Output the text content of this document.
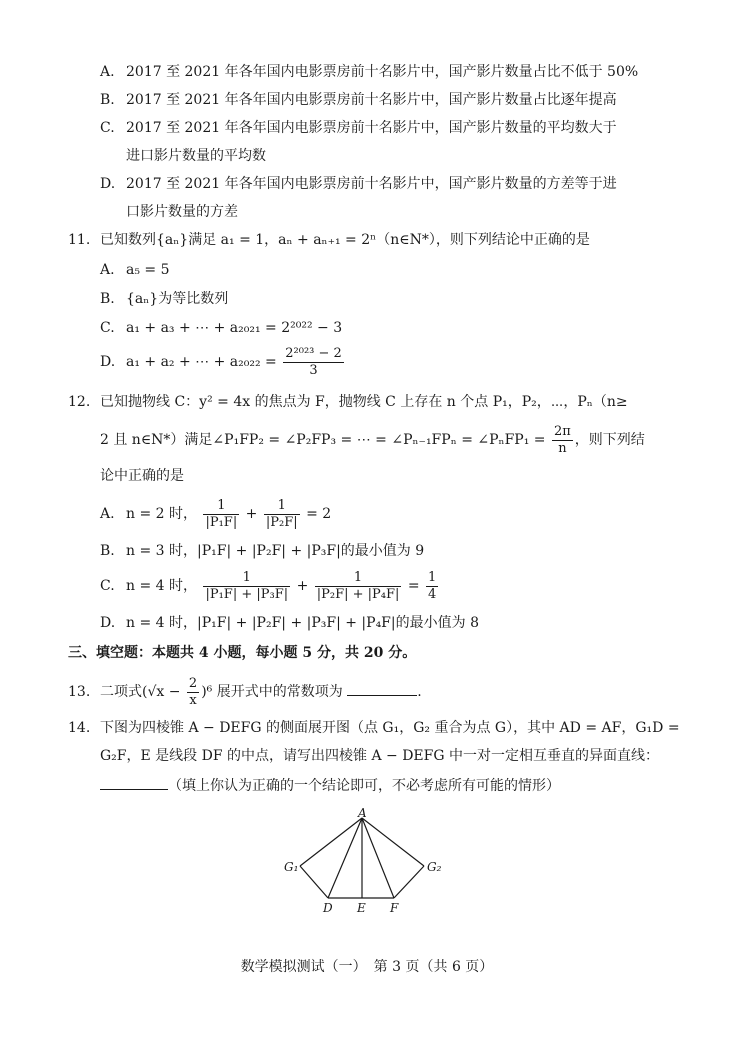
A. 2017 至 2021 年各年国内电影票房前十名影片中，国产影片数量占比不低于 50%
B. 2017 至 2021 年各年国内电影票房前十名影片中，国产影片数量占比逐年提高
C. 2017 至 2021 年各年国内电影票房前十名影片中，国产影片数量的平均数大于
进口影片数量的平均数
D. 2017 至 2021 年各年国内电影票房前十名影片中，国产影片数量的方差等于进
口影片数量的方差
11. 已知数列{aₙ}满足 a₁ = 1，aₙ + aₙ₊₁ = 2ⁿ（n∈N*），则下列结论中正确的是
A. a₅ = 5
B. {aₙ}为等比数列
C. a₁ + a₃ + ⋯ + a₂₀₂₁ = 2²⁰²² − 3
D. a₁ + a₂ + ⋯ + $a_{2022} = \frac{\text{2²⁰²³ − 2}}{3}$
12. 已知抛物线 C：y² = 4x 的焦点为 F，抛物线 C 上存在 n 个点 P₁，P₂，⋯，Pₙ（n≥
2 且 n∈N*）满足∠P₁FP₂ = ∠P₂FP₃ = ⋯ = ∠Pₙ₋₁FPₙ = ∠PₙFP₁ = $\frac{2\pi}{n}$ ，则下列结
论中正确的是
A. n = 2 时， $\frac{1}{\text{|P₁F|}} + \frac{1}{\text{|P₂F|}} = 2$
B. n = 3 时，|P₁F| + |P₂F| + |P₃F|的最小值为 9
C. n = 4 时， $\frac{1}{\text{|P₁F| + |P₃F|}} + \frac{1}{\text{|P₂F| + |P₄F|}} = \frac{1}{4}$
D. n = 4 时，|P₁F| + |P₂F| + |P₃F| + |P₄F|的最小值为 8
三、填空题：本题共 4 小题，每小题 5 分，共 20 分。
13. 二项式$(√x - \frac{2}{x} )^6$ 展开式中的常数项为	.
14. 下图为四棱锥 A − DEFG 的侧面展开图（点 G₁，G₂ 重合为点 G），其中 AD = AF，G₁D =
G₂F，E 是线段 DF 的中点，请写出四棱锥 A − DEFG 中一对一定相互垂直的异面直线：
（填上你认为正确的一个结论即可，不必考虑所有可能的情形）
A
G₁	G₂
D E F
数学模拟测试（一）　第 3 页（共 6 页）
